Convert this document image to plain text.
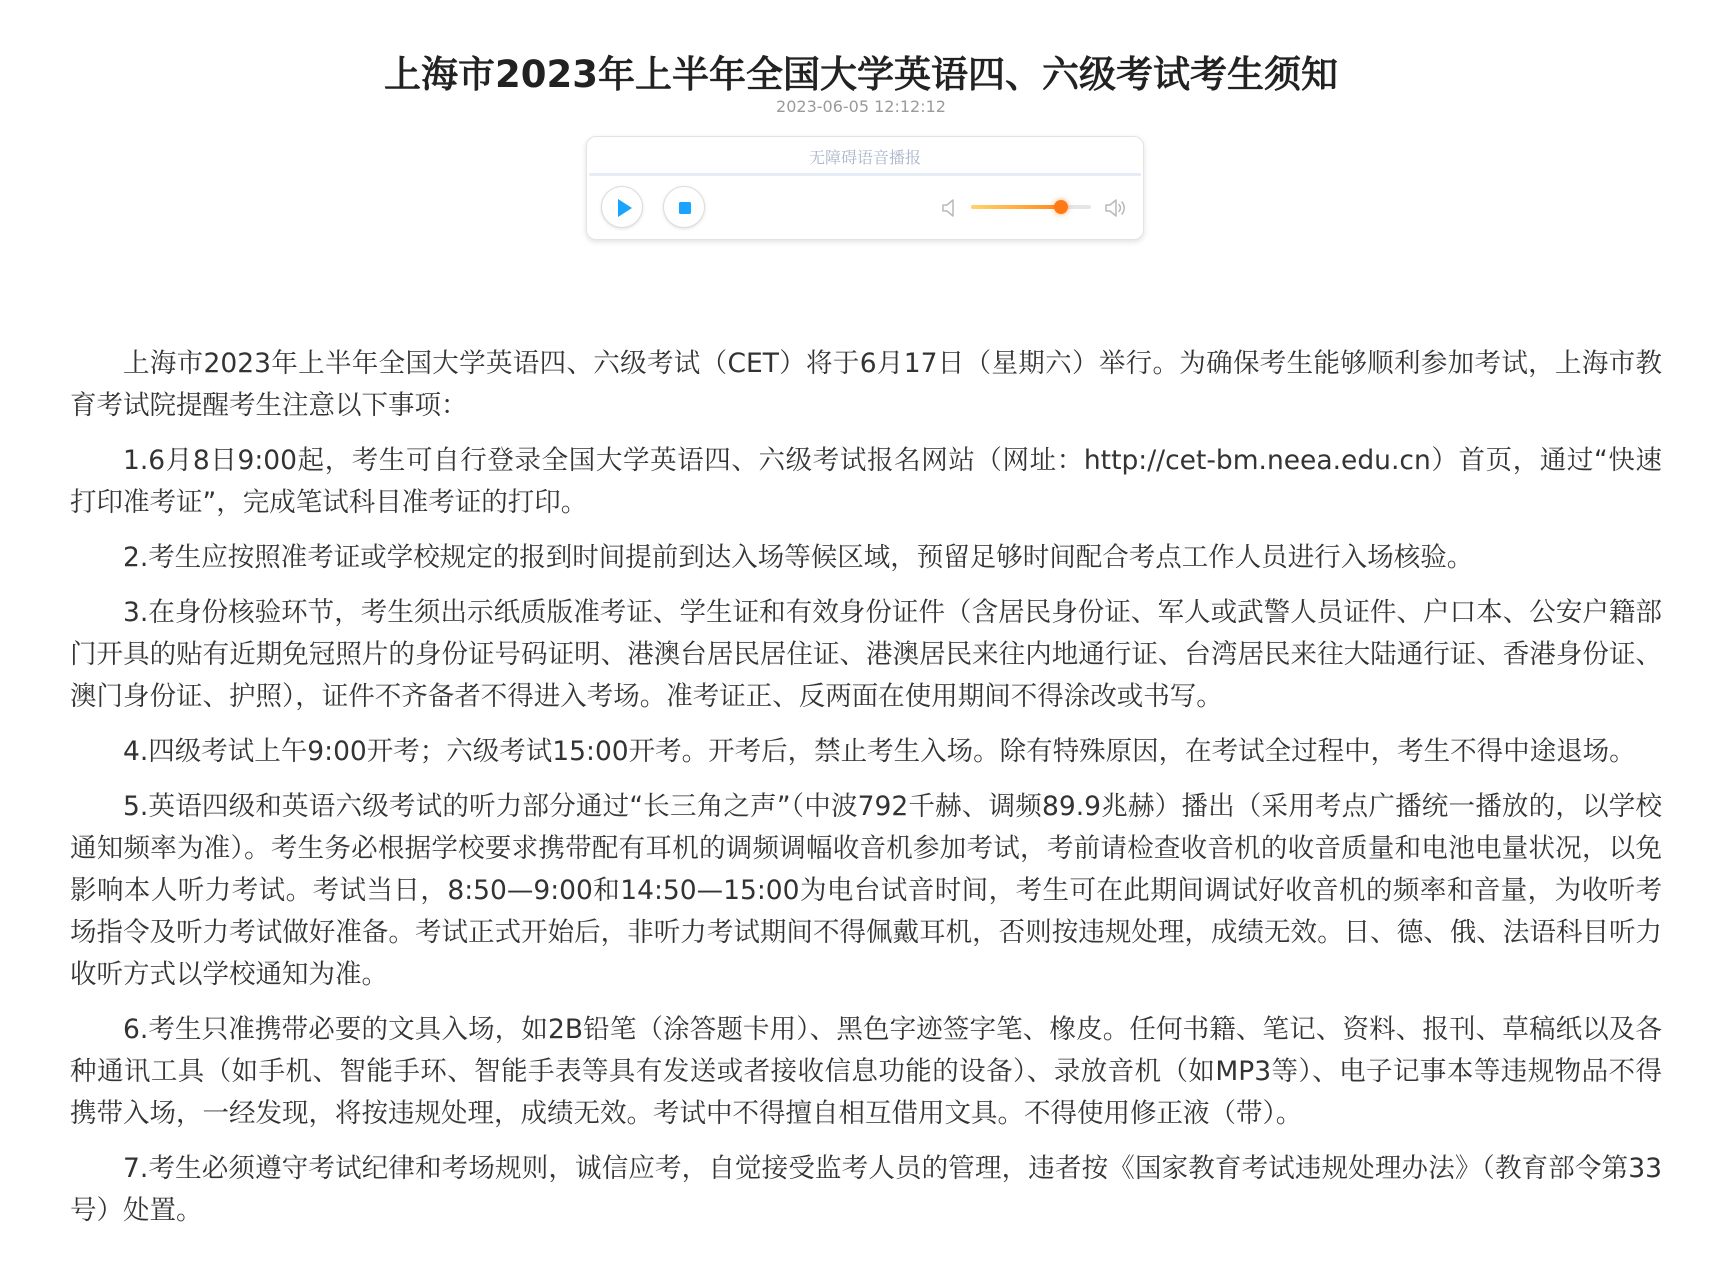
上海市2023年上半年全国大学英语四、六级考试考生须知
2023-06-05 12:12:12
无障碍语音播报

上海市2023年上半年全国大学英语四、六级考试（CET）将于6月17日（星期六）举行。为确保考生能够顺利参加考试，上海市教育考试院提醒考生注意以下事项：

1.6月8日9:00起，考生可自行登录全国大学英语四、六级考试报名网站（网址：http://cet-bm.neea.edu.cn）首页，通过“快速打印准考证”，完成笔试科目准考证的打印。

2.考生应按照准考证或学校规定的报到时间提前到达入场等候区域，预留足够时间配合考点工作人员进行入场核验。

3.在身份核验环节，考生须出示纸质版准考证、学生证和有效身份证件（含居民身份证、军人或武警人员证件、户口本、公安户籍部门开具的贴有近期免冠照片的身份证号码证明、港澳台居民居住证、港澳居民来往内地通行证、台湾居民来往大陆通行证、香港身份证、澳门身份证、护照），证件不齐备者不得进入考场。准考证正、反两面在使用期间不得涂改或书写。

4.四级考试上午9:00开考；六级考试15:00开考。开考后，禁止考生入场。除有特殊原因，在考试全过程中，考生不得中途退场。

5.英语四级和英语六级考试的听力部分通过“长三角之声”（中波792千赫、调频89.9兆赫）播出（采用考点广播统一播放的，以学校通知频率为准）。考生务必根据学校要求携带配有耳机的调频调幅收音机参加考试，考前请检查收音机的收音质量和电池电量状况，以免影响本人听力考试。考试当日，8:50—9:00和14:50—15:00为电台试音时间，考生可在此期间调试好收音机的频率和音量，为收听考场指令及听力考试做好准备。考试正式开始后，非听力考试期间不得佩戴耳机，否则按违规处理，成绩无效。日、德、俄、法语科目听力收听方式以学校通知为准。

6.考生只准携带必要的文具入场，如2B铅笔（涂答题卡用）、黑色字迹签字笔、橡皮。任何书籍、笔记、资料、报刊、草稿纸以及各种通讯工具（如手机、智能手环、智能手表等具有发送或者接收信息功能的设备）、录放音机（如MP3等）、电子记事本等违规物品不得携带入场，一经发现，将按违规处理，成绩无效。考试中不得擅自相互借用文具。不得使用修正液（带）。

7.考生必须遵守考试纪律和考场规则，诚信应考，自觉接受监考人员的管理，违者按《国家教育考试违规处理办法》（教育部令第33号）处置。
